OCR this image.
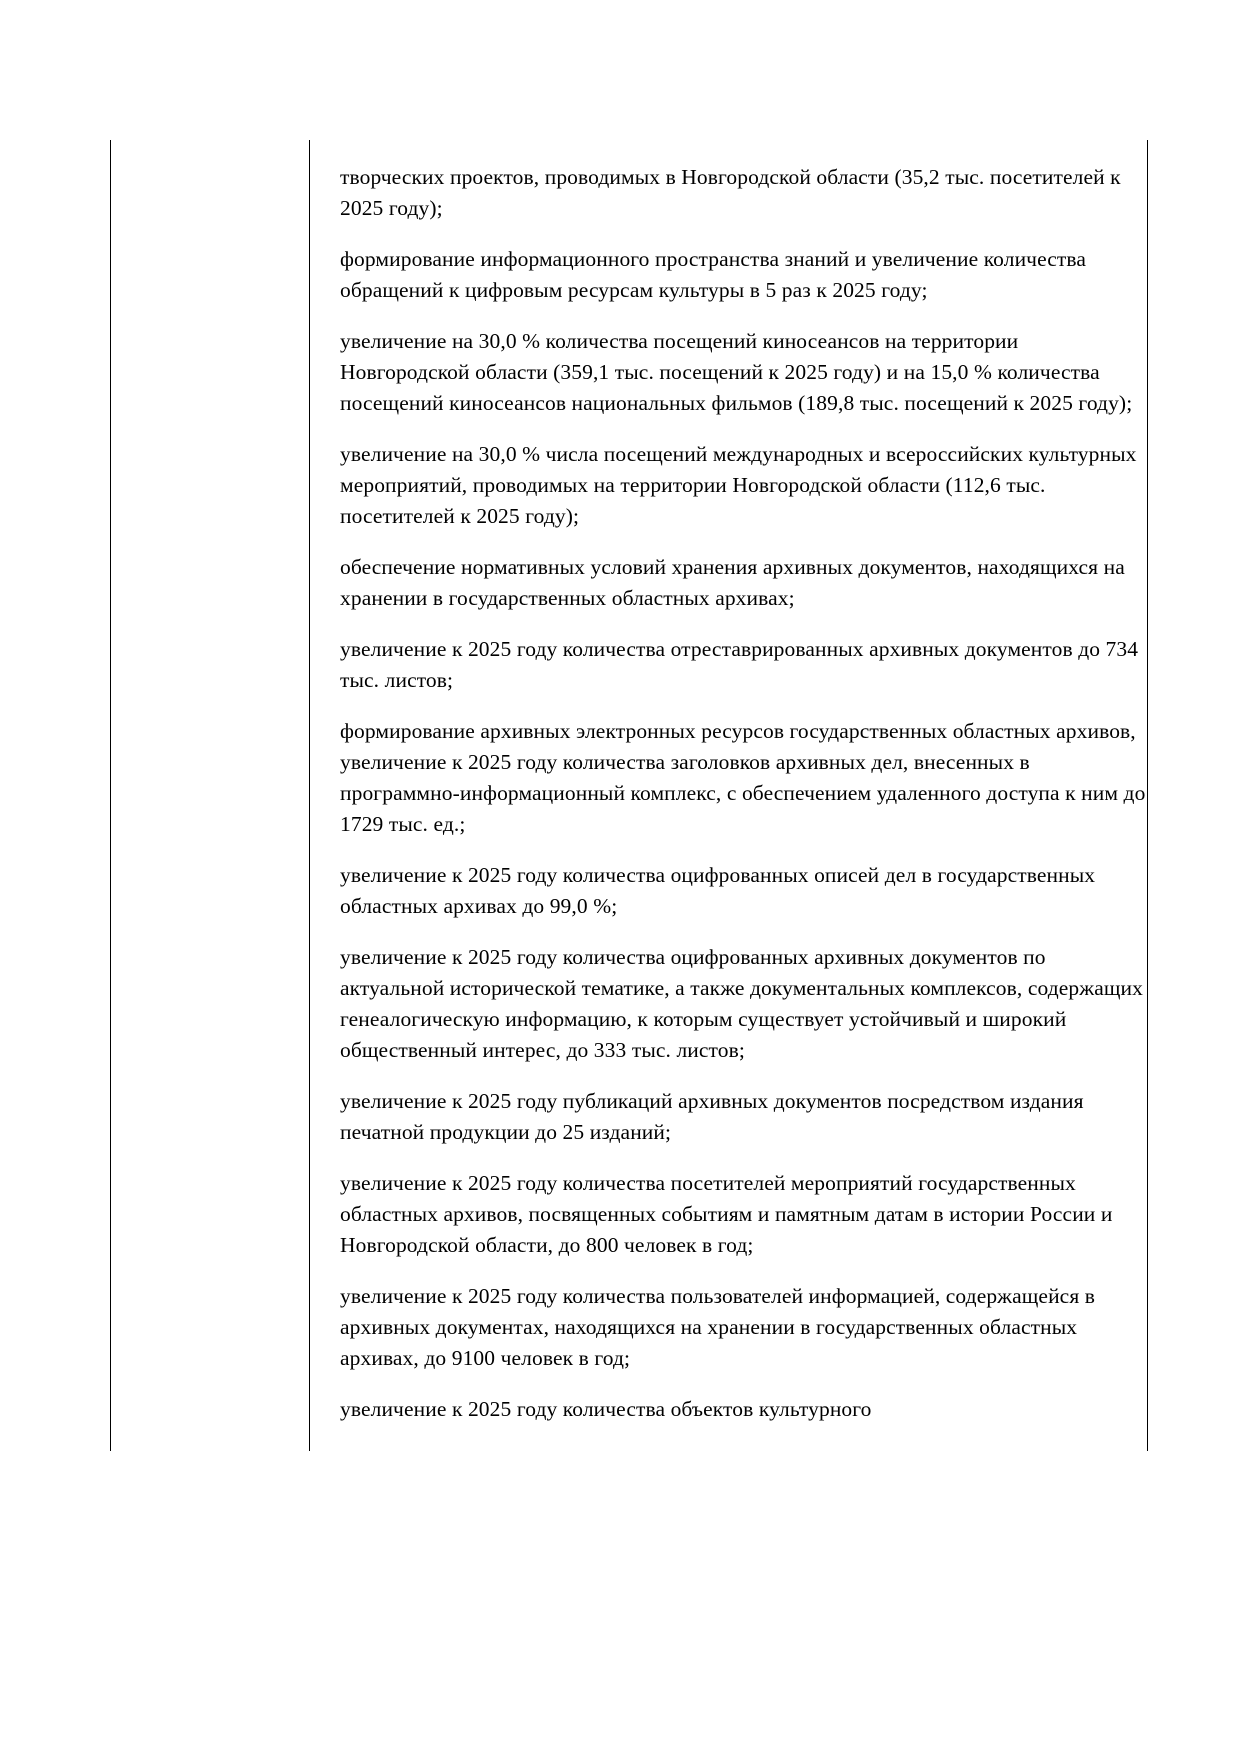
творческих проектов, проводимых в Новгородской области (35,2 тыс. посетителей к 2025 году);

формирование информационного пространства знаний и увеличение количества обращений к цифровым ресурсам культуры в 5 раз к 2025 году;

увеличение на 30,0 % количества посещений киносеансов на территории Новгородской области (359,1 тыс. посещений к 2025 году) и на 15,0 % количества посещений киносеансов национальных фильмов (189,8 тыс. посещений к 2025 году);

увеличение на 30,0 % числа посещений международных и всероссийских культурных мероприятий, проводимых на территории Новгородской области (112,6 тыс. посетителей к 2025 году);

обеспечение нормативных условий хранения архивных документов, находящихся на хранении в государственных областных архивах;

увеличение к 2025 году количества отреставрированных архивных документов до 734 тыс. листов;

формирование архивных электронных ресурсов государственных областных архивов, увеличение к 2025 году количества заголовков архивных дел, внесенных в программно-информационный комплекс, с обеспечением удаленного доступа к ним до 1729 тыс. ед.;

увеличение к 2025 году количества оцифрованных описей дел в государственных областных архивах до 99,0 %;

увеличение к 2025 году количества оцифрованных архивных документов по актуальной исторической тематике, а также документальных комплексов, содержащих генеалогическую информацию, к которым существует устойчивый и широкий общественный интерес, до 333 тыс. листов;

увеличение к 2025 году публикаций архивных документов посредством издания печатной продукции до 25 изданий;

увеличение к 2025 году количества посетителей мероприятий государственных областных архивов, посвященных событиям и памятным датам в истории России и Новгородской области, до 800 человек в год;

увеличение к 2025 году количества пользователей информацией, содержащейся в архивных документах, находящихся на хранении в государственных областных архивах, до 9100 человек в год;

увеличение к 2025 году количества объектов культурного
